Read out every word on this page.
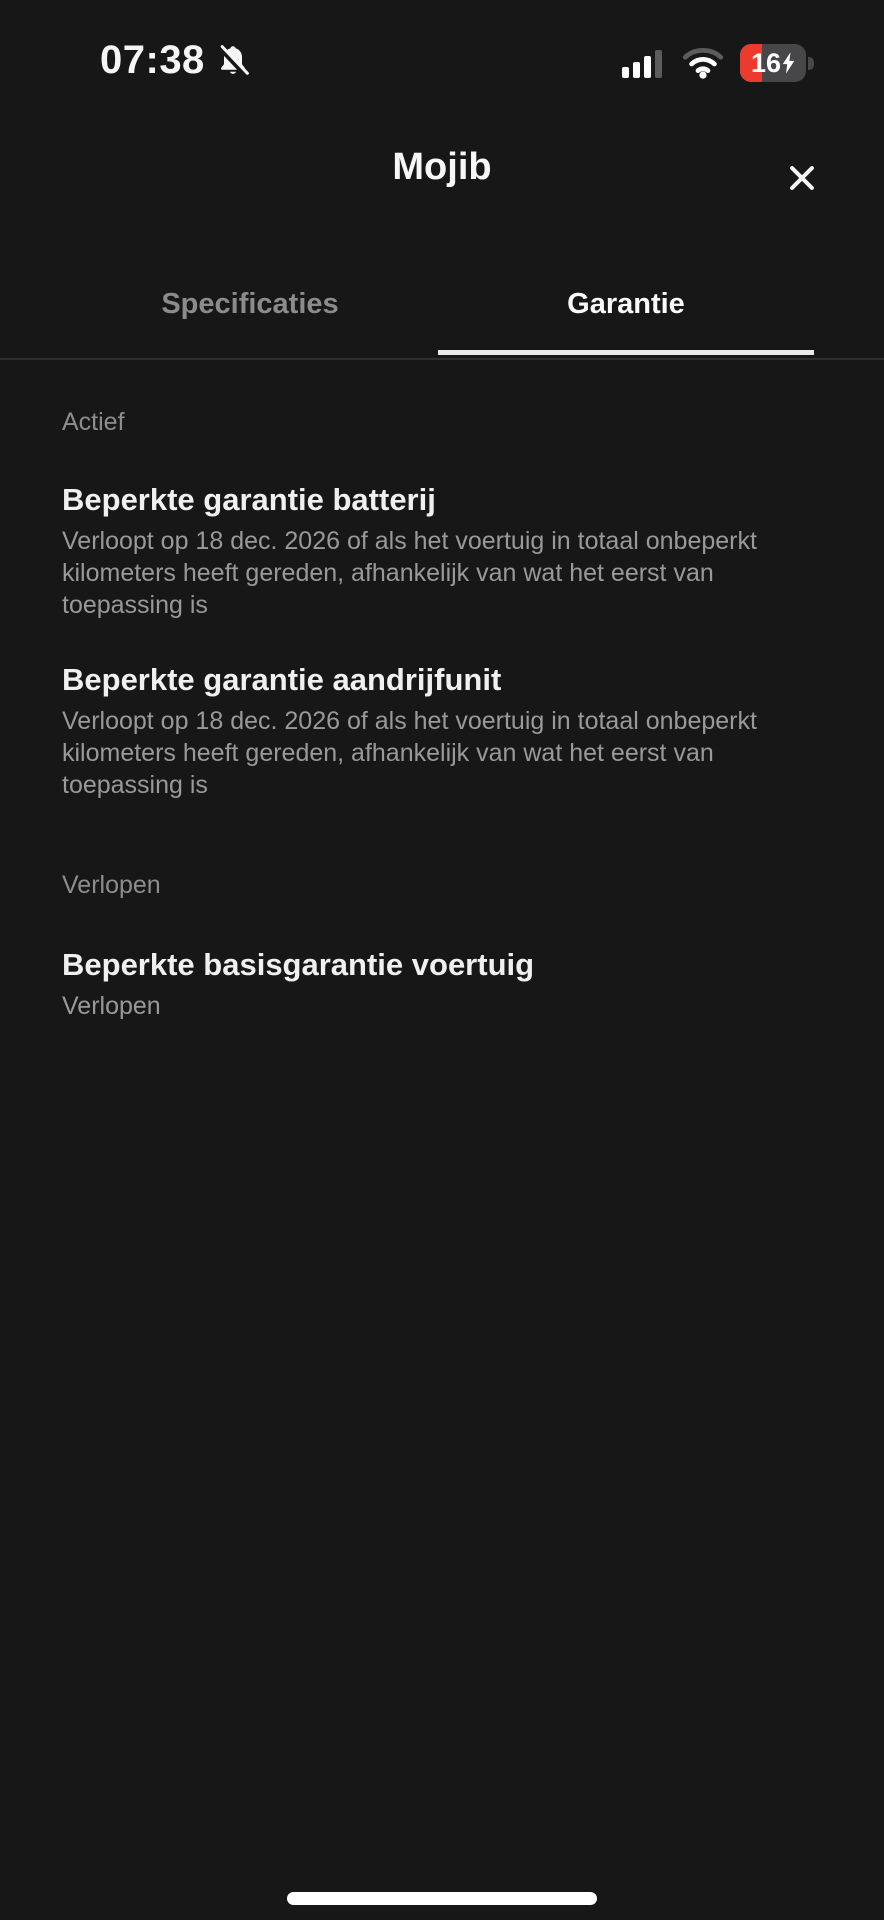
07:38	16
Mojib
Specificaties	Garantie
Actief
Beperkte garantie batterij
Verloopt op 18 dec. 2026 of als het voertuig in totaal onbeperkt kilometers heeft gereden, afhankelijk van wat het eerst van toepassing is
Beperkte garantie aandrijfunit
Verloopt op 18 dec. 2026 of als het voertuig in totaal onbeperkt kilometers heeft gereden, afhankelijk van wat het eerst van toepassing is
Verlopen
Beperkte basisgarantie voertuig
Verlopen
